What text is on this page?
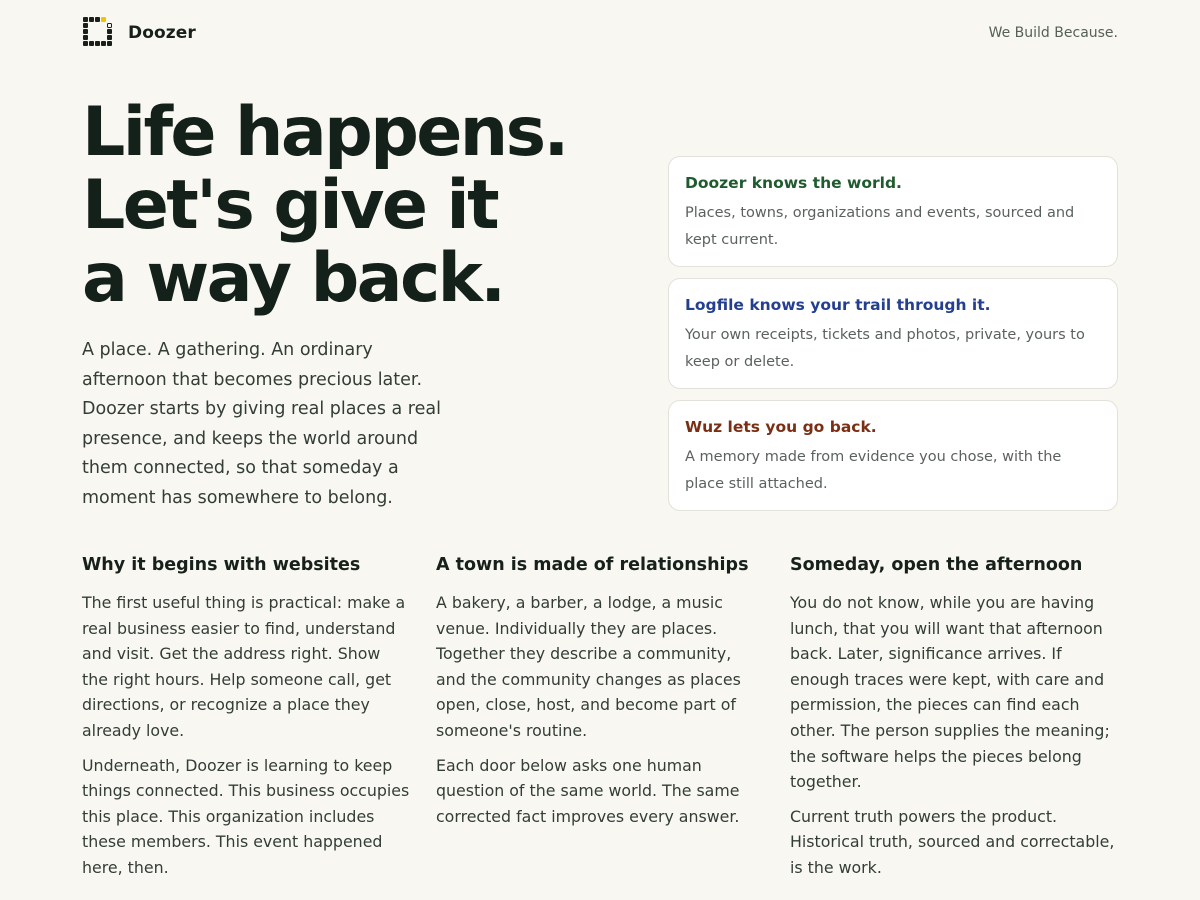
Doozer	We Build Because.
Life happens.
Let's give it
a way back.

A place. A gathering. An ordinary afternoon that becomes precious later. Doozer starts by giving real places a real presence, and keeps the world around them connected, so that someday a moment has somewhere to belong.

Doozer knows the world.

Places, towns, organizations and events, sourced and kept current.

Logfile knows your trail through it.

Your own receipts, tickets and photos, private, yours to keep or delete.

Wuz lets you go back.

A memory made from evidence you chose, with the place still attached.

Why it begins with websites

The first useful thing is practical: make a real business easier to find, understand and visit. Get the address right. Show the right hours. Help someone call, get directions, or recognize a place they already love.

Underneath, Doozer is learning to keep things connected. This business occupies this place. This organization includes these members. This event happened here, then.

A town is made of relationships

A bakery, a barber, a lodge, a music venue. Individually they are places. Together they describe a community, and the community changes as places open, close, host, and become part of someone's routine.

Each door below asks one human question of the same world. The same corrected fact improves every answer.

Someday, open the afternoon

You do not know, while you are having lunch, that you will want that afternoon back. Later, significance arrives. If enough traces were kept, with care and permission, the pieces can find each other. The person supplies the meaning; the software helps the pieces belong together.

Current truth powers the product. Historical truth, sourced and correctable, is the work.
